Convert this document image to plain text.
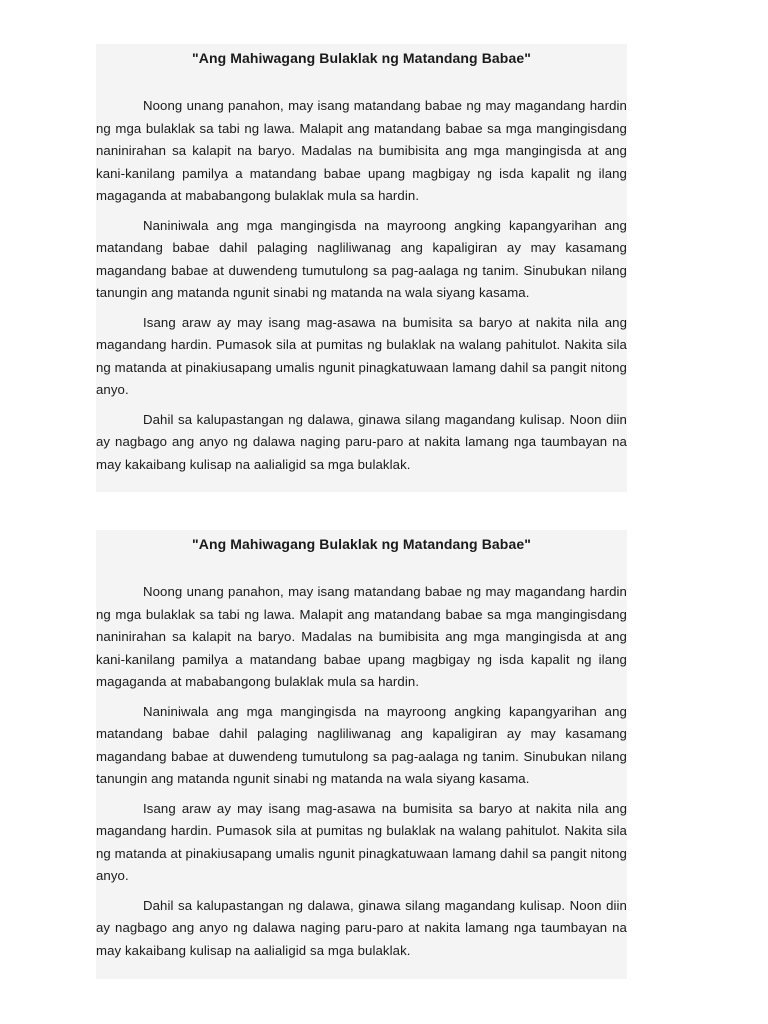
"Ang Mahiwagang Bulaklak ng Matandang Babae"

Noong unang panahon, may isang matandang babae ng may magandang hardin ng mga bulaklak sa tabi ng lawa. Malapit ang matandang babae sa mga mangingisdang naninirahan sa kalapit na baryo. Madalas na bumibisita ang mga mangingisda at ang kani-kanilang pamilya a matandang babae upang magbigay ng isda kapalit ng ilang magaganda at mababangong bulaklak mula sa hardin.

Naniniwala ang mga mangingisda na mayroong angking kapangyarihan ang matandang babae dahil palaging nagliliwanag ang kapaligiran ay may kasamang magandang babae at duwendeng tumutulong sa pag-aalaga ng tanim. Sinubukan nilang tanungin ang matanda ngunit sinabi ng matanda na wala siyang kasama.

Isang araw ay may isang mag-asawa na bumisita sa baryo at nakita nila ang magandang hardin. Pumasok sila at pumitas ng bulaklak na walang pahitulot. Nakita sila ng matanda at pinakiusapang umalis ngunit pinagkatuwaan lamang dahil sa pangit nitong anyo.

Dahil sa kalupastangan ng dalawa, ginawa silang magandang kulisap. Noon diin ay nagbago ang anyo ng dalawa naging paru-paro at nakita lamang nga taumbayan na may kakaibang kulisap na aalialigid sa mga bulaklak.

"Ang Mahiwagang Bulaklak ng Matandang Babae"

Noong unang panahon, may isang matandang babae ng may magandang hardin ng mga bulaklak sa tabi ng lawa. Malapit ang matandang babae sa mga mangingisdang naninirahan sa kalapit na baryo. Madalas na bumibisita ang mga mangingisda at ang kani-kanilang pamilya a matandang babae upang magbigay ng isda kapalit ng ilang magaganda at mababangong bulaklak mula sa hardin.

Naniniwala ang mga mangingisda na mayroong angking kapangyarihan ang matandang babae dahil palaging nagliliwanag ang kapaligiran ay may kasamang magandang babae at duwendeng tumutulong sa pag-aalaga ng tanim. Sinubukan nilang tanungin ang matanda ngunit sinabi ng matanda na wala siyang kasama.

Isang araw ay may isang mag-asawa na bumisita sa baryo at nakita nila ang magandang hardin. Pumasok sila at pumitas ng bulaklak na walang pahitulot. Nakita sila ng matanda at pinakiusapang umalis ngunit pinagkatuwaan lamang dahil sa pangit nitong anyo.

Dahil sa kalupastangan ng dalawa, ginawa silang magandang kulisap. Noon diin ay nagbago ang anyo ng dalawa naging paru-paro at nakita lamang nga taumbayan na may kakaibang kulisap na aalialigid sa mga bulaklak.
